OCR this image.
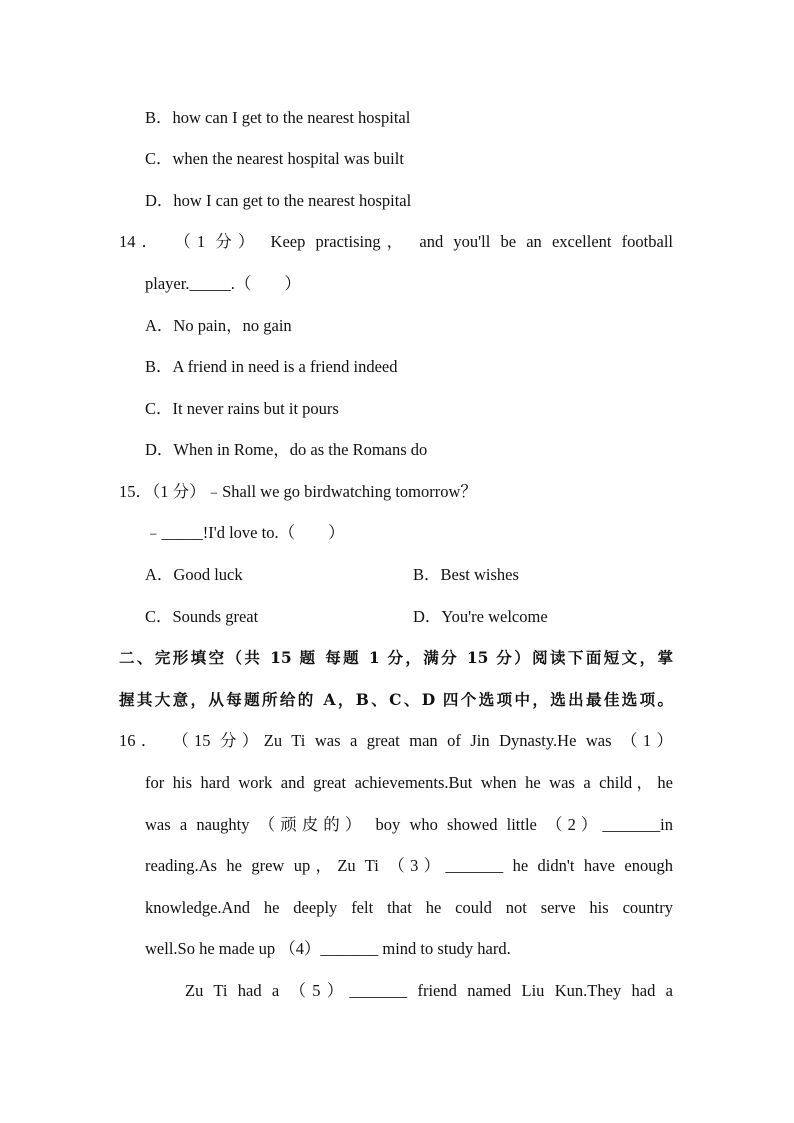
B．how can I get to the nearest hospital
C．when the nearest hospital was built
D．how I can get to the nearest hospital
14． （1 分） Keep practising， and you'll be an excellent football
player._____.（　　）
A．No pain，no gain
B．A friend in need is a friend indeed
C．It never rains but it pours
D．When in Rome，do as the Romans do
15．（1 分）﹣Shall we go birdwatching tomorrow？
﹣_____!I'd love to.（　　）
A．Good luck	B．Best wishes
C．Sounds great	D．You're welcome
二、完形填空（共 15 题 每题 1 分，满分 15 分）阅读下面短文，掌
握其大意，从每题所给的 A，B、C、D 四个选项中，选出最佳选项。
16． （15 分）Zu Ti was a great man of Jin Dynasty.He was （1）
for his hard work and great achievements.But when he was a child，he
was a naughty （顽皮的） boy who showed little （2）_______in
reading.As he grew up，Zu Ti （3）_______ he didn't have enough
knowledge.And he deeply felt that he could not serve his country
well.So he made up （4）_______ mind to study hard.
Zu Ti had a （5）_______ friend named Liu Kun.They had a
